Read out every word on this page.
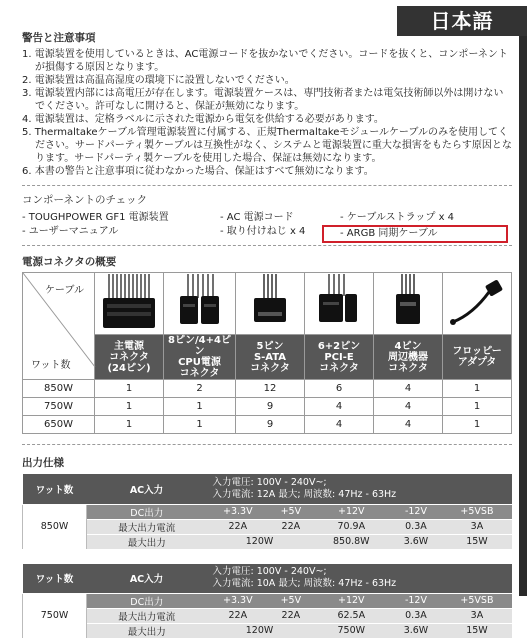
日本語
警告と注意事項
1. 電源装置を使用しているときは、AC電源コードを抜かないでください。コードを抜くと、コンポーネントが損傷する原因となります。
2. 電源装置は高温高湿度の環境下に設置しないでください。
3. 電源装置内部には高電圧が存在します。電源装置ケースは、専門技術者または電気技術師以外は開けないでください。許可なしに開けると、保証が無効になります。
4. 電源装置は、定格ラベルに示された電源から電気を供給する必要があります。
5. Thermaltakeケーブル管理電源装置に付属する、正規Thermaltakeモジュールケーブルのみを使用してください。サードパーティ製ケーブルは互換性がなく、システムと電源装置に重大な損害をもたらす原因となります。サードパーティ製ケーブルを使用した場合、保証は無効になります。
6. 本書の警告と注意事項に従わなかった場合、保証はすべて無効になります。
コンポーネントのチェック
- TOUGHPOWER GF1 電源装置
- ユーザーマニュアル
- AC 電源コード
- 取り付けねじ x 4
- ケーブルストラップ x 4
- ARGB 同期ケーブル
電源コネクタの概要
ケーブル
ワット数

	主電源
コネクタ
(24ピン)	8ピン/4+4ピン
CPU電源
コネクタ	5ピン
S-ATA
コネクタ	6+2ピン
PCI-E
コネクタ	4ピン
周辺機器
コネクタ	フロッピー
アダプタ

850W	1	2	12	6	4	1
750W	1	1	9	4	4	1
650W	1	1	9	4	4	1
出力仕様
ワット数	AC入力	入力電圧: 100V - 240V~;
入力電流: 12A 最大; 周波数: 47Hz - 63Hz				

850W	DC出力	+3.3V	+5V	+12V	-12V	+5VSB
	最大出力電流	22A	22A	70.9A	0.3A	3A
	最大出力	120W		850.8W	3.6W	15W

ワット数	AC入力	入力電圧: 100V - 240V~;
入力電流: 10A 最大; 周波数: 47Hz - 63Hz				

750W	DC出力	+3.3V	+5V	+12V	-12V	+5VSB
	最大出力電流	22A	22A	62.5A	0.3A	3A
	最大出力	120W		750W	3.6W	15W
